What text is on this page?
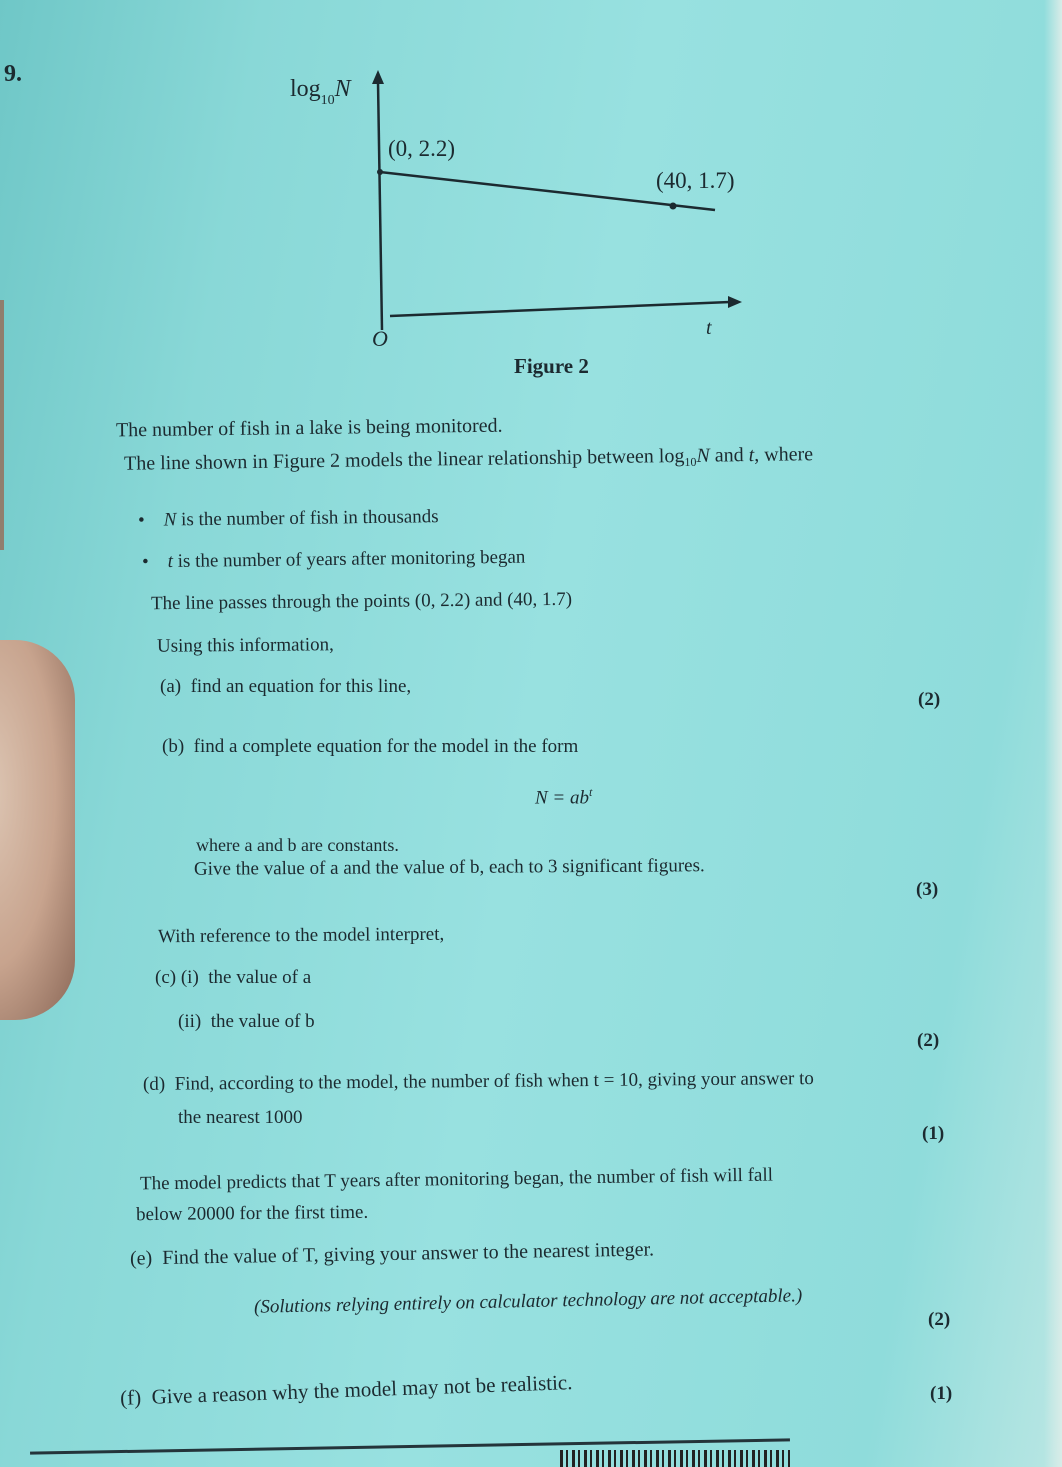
9.
$\log_{10}N$
(0, 2.2)
(40, 1.7)
O	t
Figure 2
The number of fish in a lake is being monitored.
The line shown in Figure 2 models the linear relationship between $\log_{10}N$ and t, where
•    N is the number of fish in thousands
•    t is the number of years after monitoring began
The line passes through the points (0, 2.2) and (40, 1.7)
Using this information,
(a) find an equation for this line,
(2)
(b) find a complete equation for the model in the form
$N = ab^t$
where a and b are constants.
Give the value of a and the value of b, each to 3 significant figures.
(3)
With reference to the model interpret,
(c) (i) the value of a
(ii) the value of b
(2)
(d) Find, according to the model, the number of fish when t = 10, giving your answer to
the nearest 1000
(1)
The model predicts that T years after monitoring began, the number of fish will fall
below 20000 for the first time.
(e) Find the value of T, giving your answer to the nearest integer.
(Solutions relying entirely on calculator technology are not acceptable.)
(2)
(f) Give a reason why the model may not be realistic.	(1)
